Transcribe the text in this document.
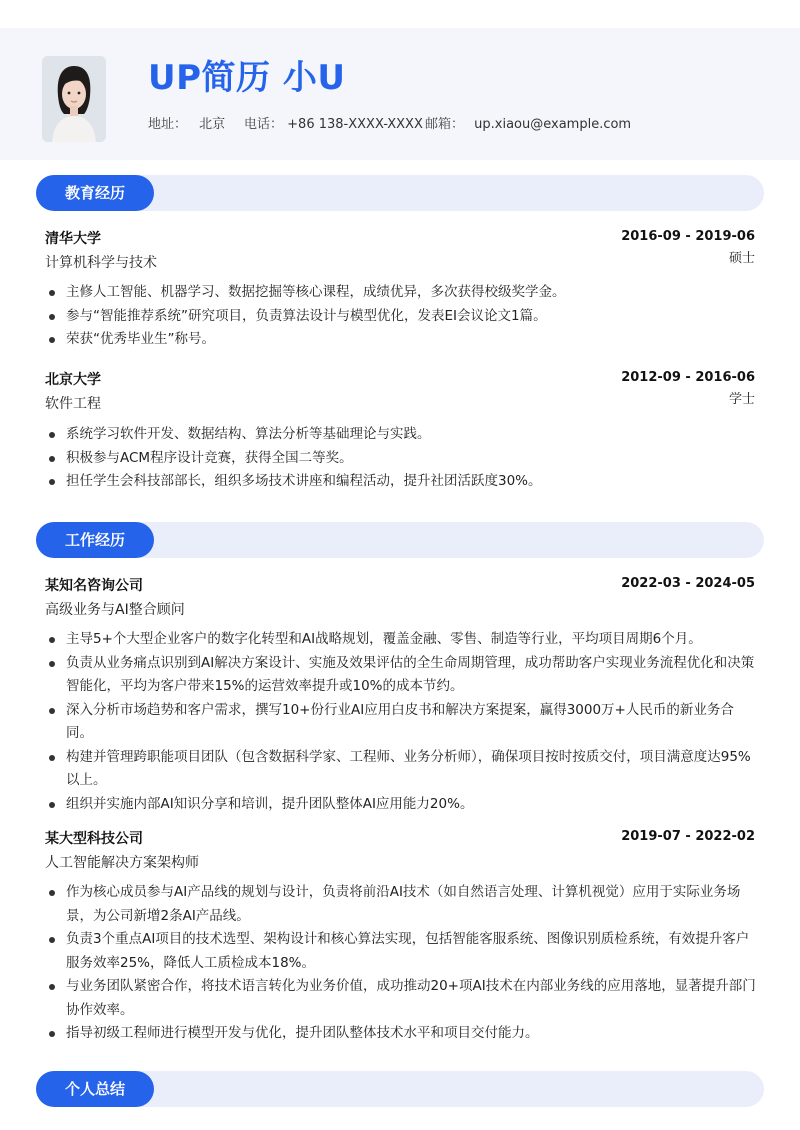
UP简历 小U
地址： 北京 电话： +86 138-XXXX-XXXX 邮箱： up.xiaou@example.com
教育经历
清华大学	2016-09 - 2019-06
计算机科学与技术	硕士
主修人工智能、机器学习、数据挖掘等核心课程，成绩优异，多次获得校级奖学金。
参与“智能推荐系统”研究项目，负责算法设计与模型优化，发表EI会议论文1篇。
荣获“优秀毕业生”称号。
北京大学	2012-09 - 2016-06
软件工程	学士
系统学习软件开发、数据结构、算法分析等基础理论与实践。
积极参与ACM程序设计竞赛，获得全国二等奖。
担任学生会科技部部长，组织多场技术讲座和编程活动，提升社团活跃度30%。
工作经历
某知名咨询公司	2022-03 - 2024-05
高级业务与AI整合顾问
主导5+个大型企业客户的数字化转型和AI战略规划，覆盖金融、零售、制造等行业，平均项目周期6个月。
负责从业务痛点识别到AI解决方案设计、实施及效果评估的全生命周期管理，成功帮助客户实现业务流程优化和决策智能化，平均为客户带来15%的运营效率提升或10%的成本节约。
深入分析市场趋势和客户需求，撰写10+份行业AI应用白皮书和解决方案提案，赢得3000万+人民币的新业务合同。
构建并管理跨职能项目团队（包含数据科学家、工程师、业务分析师），确保项目按时按质交付，项目满意度达95%以上。
组织并实施内部AI知识分享和培训，提升团队整体AI应用能力20%。
某大型科技公司	2019-07 - 2022-02
人工智能解决方案架构师
作为核心成员参与AI产品线的规划与设计，负责将前沿AI技术（如自然语言处理、计算机视觉）应用于实际业务场景，为公司新增2条AI产品线。
负责3个重点AI项目的技术选型、架构设计和核心算法实现，包括智能客服系统、图像识别质检系统，有效提升客户服务效率25%，降低人工质检成本18%。
与业务团队紧密合作，将技术语言转化为业务价值，成功推动20+项AI技术在内部业务线的应用落地，显著提升部门协作效率。
指导初级工程师进行模型开发与优化，提升团队整体技术水平和项目交付能力。
个人总结
